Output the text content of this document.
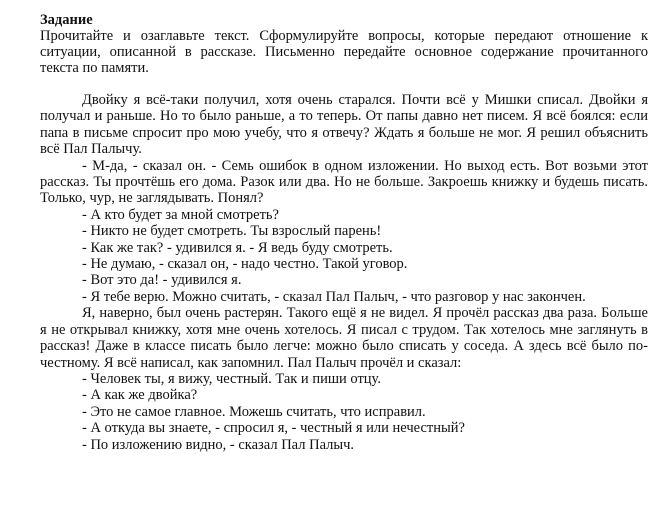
Задание

Прочитайте и озаглавьте текст. Сформулируйте вопросы, которые передают отношение к ситуации, описанной в рассказе. Письменно передайте основное содержание прочитанного текста по памяти.

Двойку я всё-таки получил, хотя очень старался. Почти всё у Мишки списал. Двойки я получал и раньше. Но то было раньше, а то теперь. От папы давно нет писем. Я всё боялся: если папа в письме спросит про мою учебу, что я отвечу? Ждать я больше не мог. Я решил объяснить всё Пал Палычу.

- М-да, - сказал он. - Семь ошибок в одном изложении. Но выход есть. Вот возьми этот рассказ. Ты прочтёшь его дома. Разок или два. Но не больше. Закроешь книжку и будешь писать. Только, чур, не заглядывать. Понял?

- А кто будет за мной смотреть?

- Никто не будет смотреть. Ты взрослый парень!

- Как же так? - удивился я. - Я ведь буду смотреть.

- Не думаю, - сказал он, - надо честно. Такой уговор.

- Вот это да! - удивился я.

- Я тебе верю. Можно считать, - сказал Пал Палыч, - что разговор у нас закончен.

Я, наверно, был очень растерян. Такого ещё я не видел. Я прочёл рассказ два раза. Больше я не открывал книжку, хотя мне очень хотелось. Я писал с трудом. Так хотелось мне заглянуть в рассказ! Даже в классе писать было легче: можно было списать у соседа. А здесь всё было по-честному. Я всё написал, как запомнил. Пал Палыч прочёл и сказал:

- Человек ты, я вижу, честный. Так и пиши отцу.

- А как же двойка?

- Это не самое главное. Можешь считать, что исправил.

- А откуда вы знаете, - спросил я, - честный я или нечестный?

- По изложению видно, - сказал Пал Палыч.
